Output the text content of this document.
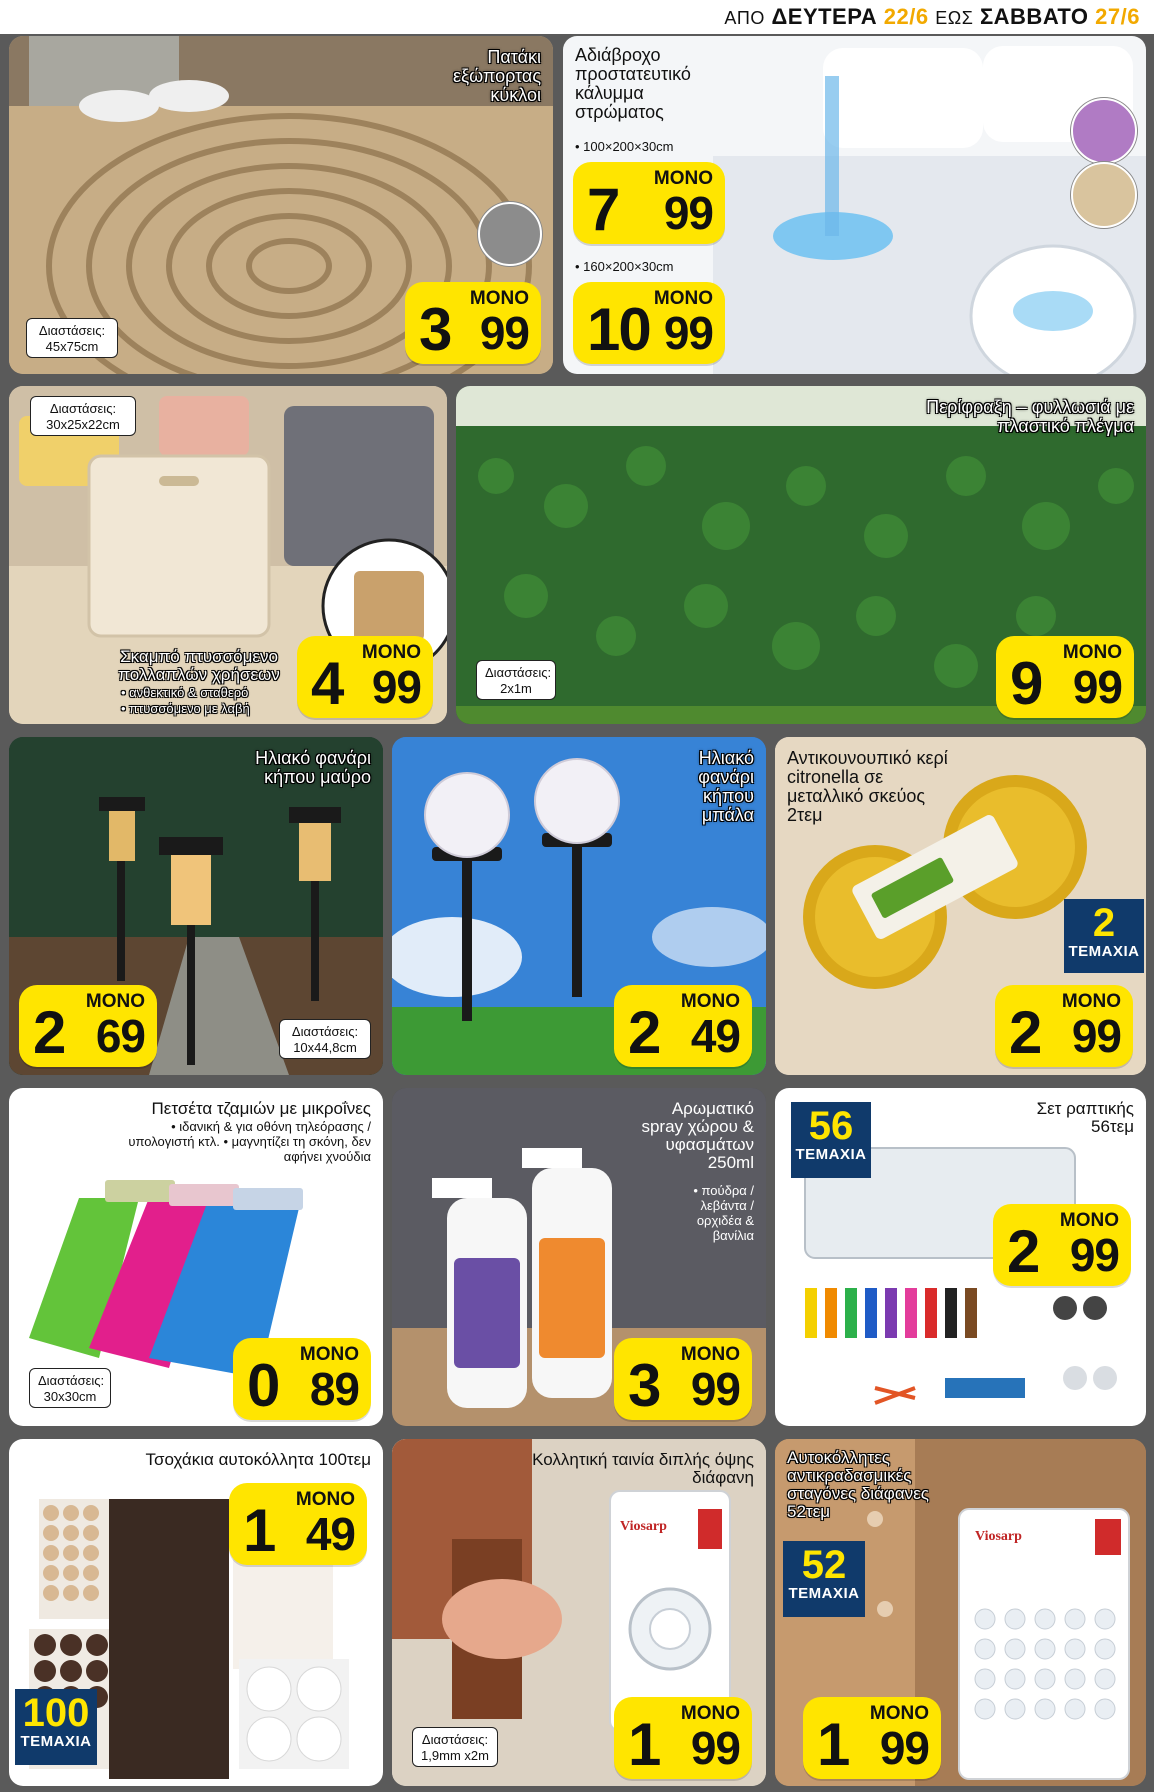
ΑΠΟ ΔΕΥΤΕΡΑ 22/6 ΕΩΣ ΣΑΒΒΑΤΟ 27/6
Πατάκι εξώπορτας κύκλοι
Διαστάσεις:
45x75cm
ΜΟΝΟ
3 99
Αδιάβροχο προστατευτικό κάλυμμα στρώματος
• 100×200×30cm
ΜΟΝΟ
7 99
• 160×200×30cm
ΜΟΝΟ
10 99
Διαστάσεις:
30x25x22cm
Σκαμπό πτυσσόμενο πολλαπλών χρήσεων
• ανθεκτικό & σταθερό
• πτυσσόμενο με λαβή
ΜΟΝΟ
4 99
Περίφραξη – φυλλωσιά με πλαστικό πλέγμα
Διαστάσεις:
2x1m
ΜΟΝΟ
9 99
Ηλιακό φανάρι κήπου μαύρο
ΜΟΝΟ
2 69	Διαστάσεις:
10x44,8cm
Ηλιακό φανάρι κήπου μπάλα
ΜΟΝΟ
2 49
Αντικουνουπικό κερί citronella σε μεταλλικό σκεύος 2τεμ
2
ΤΕΜΑΧΙΑ
ΜΟΝΟ
2 99
Πετσέτα τζαμιών με μικροΐνες
• ιδανική & για οθόνη τηλεόρασης / υπολογιστή κτλ. • μαγνητίζει τη σκόνη, δεν αφήνει χνούδια
Διαστάσεις:
30x30cm
ΜΟΝΟ
0 89
Αρωματικό spray χώρου & υφασμάτων 250ml
• πούδρα / λεβάντα / ορχιδέα & βανίλια
ΜΟΝΟ
3 99
Σετ ραπτικής 56τεμ
56
ΤΕΜΑΧΙΑ
ΜΟΝΟ
2 99
Τσοχάκια αυτοκόλλητα 100τεμ
ΜΟΝΟ
1 49
100
ΤΕΜΑΧΙΑ
Κολλητική ταινία διπλής όψης διάφανη
Viosarp
Διαστάσεις:
1,9mm x2m
ΜΟΝΟ
1 99
Αυτοκόλλητες αντικραδασμικές σταγόνες διάφανες 52τεμ
Viosarp
52
ΤΕΜΑΧΙΑ
ΜΟΝΟ
1 99
